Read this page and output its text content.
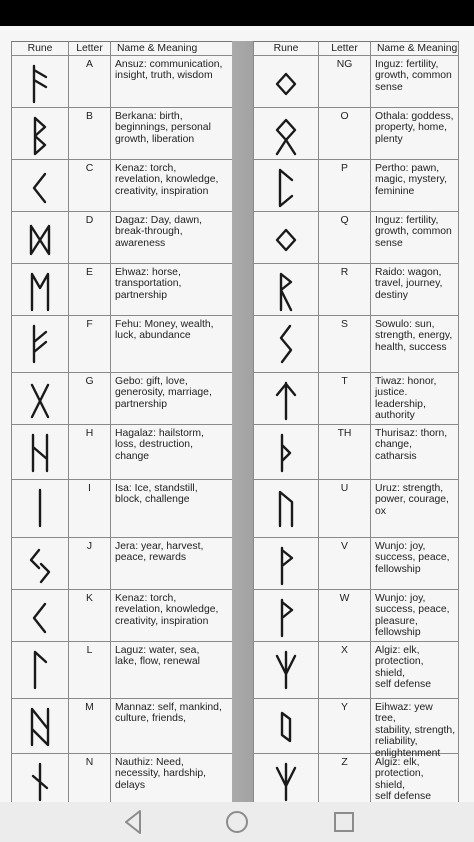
Rune	Letter	Name & Meaning
A	Ansuz: communication,
insight, truth, wisdom
B	Berkana: birth,
beginnings, personal
growth, liberation
C	Kenaz: torch,
revelation, knowledge,
creativity, inspiration
D	Dagaz: Day, dawn,
break-through,
awareness
E	Ehwaz: horse,
transportation,
partnership
F	Fehu: Money, wealth,
luck, abundance
G	Gebo: gift, love,
generosity, marriage,
partnership
H	Hagalaz: hailstorm,
loss, destruction,
change
I	Isa: Ice, standstill,
block, challenge
J	Jera: year, harvest,
peace, rewards
K	Kenaz: torch,
revelation, knowledge,
creativity, inspiration
L	Laguz: water, sea,
lake, flow, renewal
M	Mannaz: self, mankind,
culture, friends,
N	Nauthiz: Need,
necessity, hardship,
delays
Rune	Letter	Name & Meaning
NG	Inguz: fertility,
growth, common
sense
O	Othala: goddess,
property, home,
plenty
P	Pertho: pawn,
magic, mystery,
feminine
Q	Inguz: fertility,
growth, common
sense
R	Raido: wagon,
travel, journey,
destiny
S	Sowulo: sun,
strength, energy,
health, success
T	Tiwaz: honor,
justice.
leadership,
authority
TH	Thurisaz: thorn,
change, catharsis
U	Uruz: strength,
power, courage,
ox
V	Wunjo: joy,
success, peace,
fellowship
W	Wunjo: joy,
success, peace,
pleasure,
fellowship
X	Algiz: elk,
protection, shield,
self defense
Y	Eihwaz: yew tree,
stability, strength,
reliability,
enlightenment
Z	Algiz: elk,
protection, shield,
self defense
